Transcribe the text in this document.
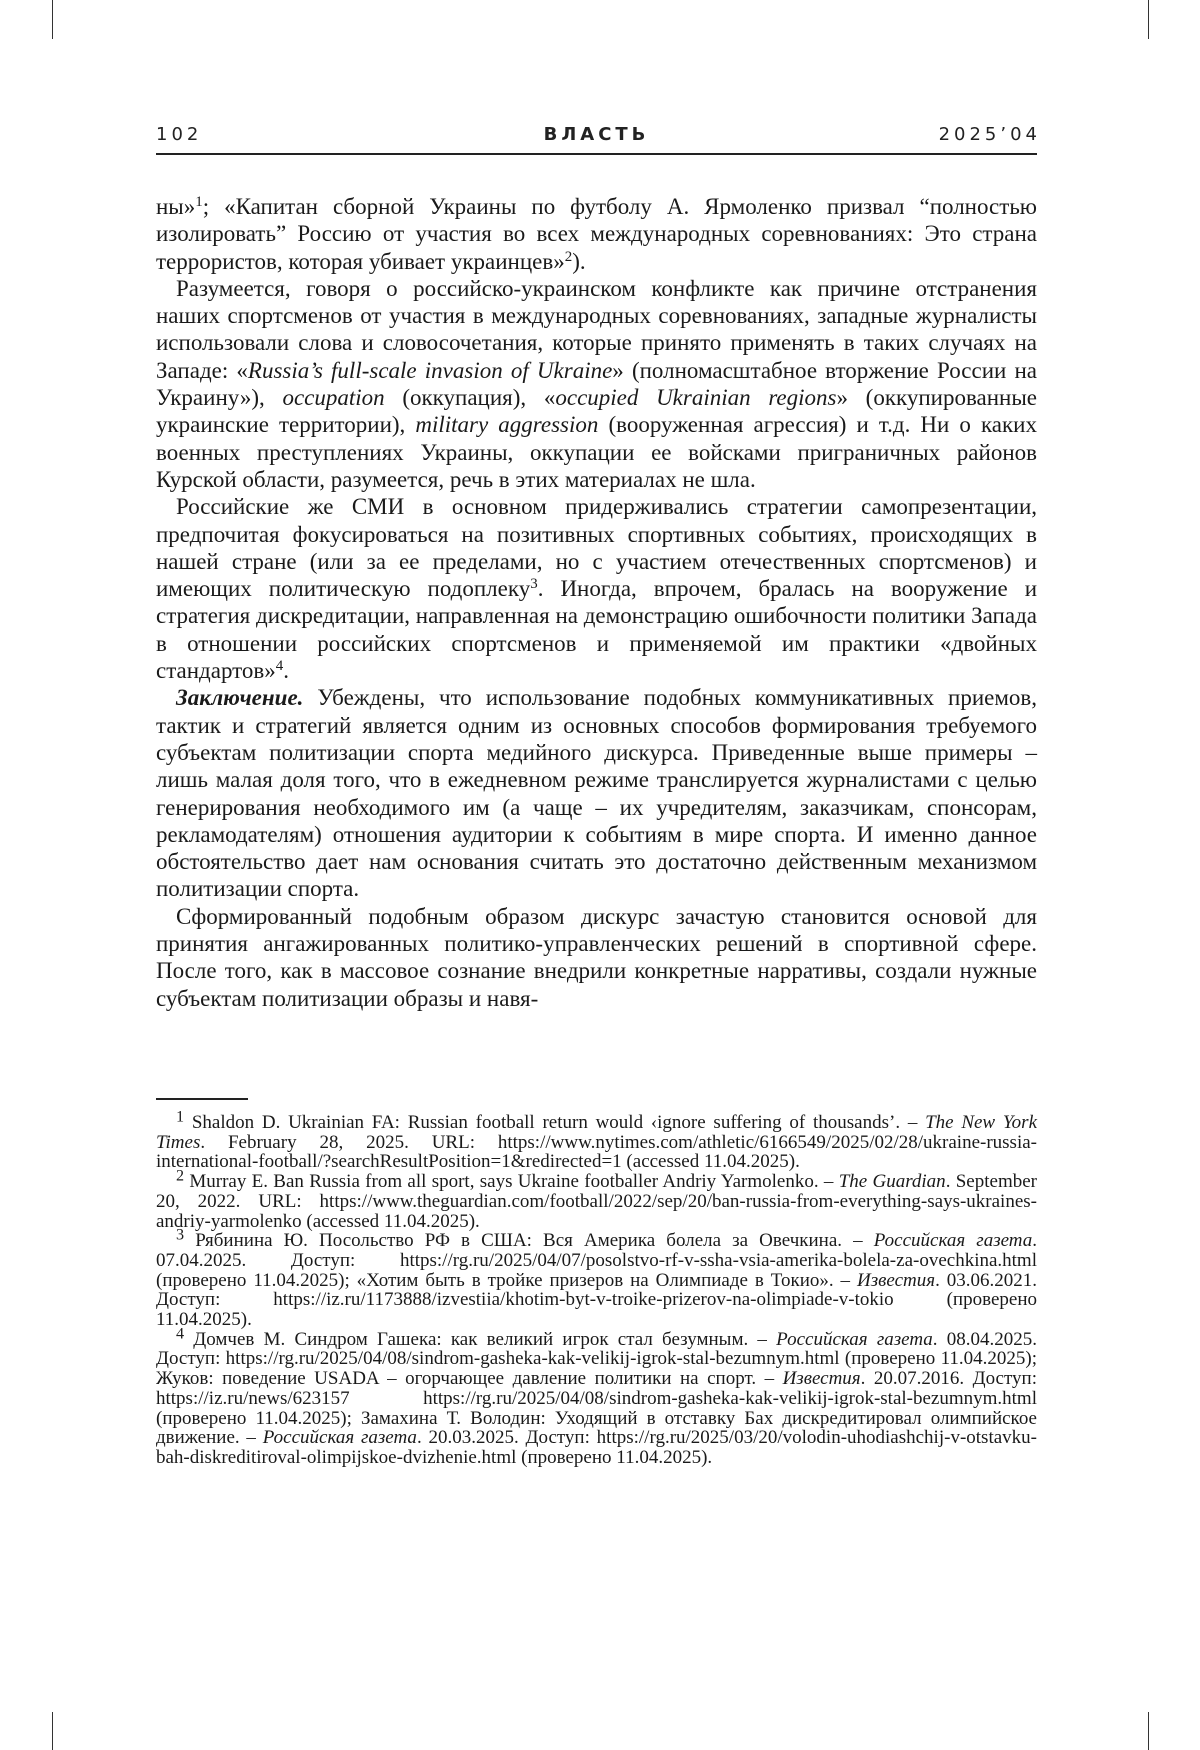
102	ВЛАСТЬ	2025’04

ны»$^1$; «Капитан сборной Украины по футболу А. Ярмоленко призвал “полностью изолировать” Россию от участия во всех международных соревнованиях: Это страна террористов, которая убивает украинцев»$^2$).

Разумеется, говоря о российско-украинском конфликте как причине отстранения наших спортсменов от участия в международных соревнованиях, западные журналисты использовали слова и словосочетания, которые принято применять в таких случаях на Западе: «Russia’s full-scale invasion of Ukraine» (полномасштабное вторжение России на Украину»), occupation (оккупация), «occupied Ukrainian regions» (оккупированные украинские территории), military aggression (вооруженная агрессия) и т.д. Ни о каких военных преступлениях Украины, оккупации ее войсками приграничных районов Курской области, разумеется, речь в этих материалах не шла.

Российские же СМИ в основном придерживались стратегии самопрезентации, предпочитая фокусироваться на позитивных спортивных событиях, происходящих в нашей стране (или за ее пределами, но с участием отечественных спортсменов) и имеющих политическую подоплеку$^3$. Иногда, впрочем, бралась на вооружение и стратегия дискредитации, направленная на демонстрацию ошибочности политики Запада в отношении российских спортсменов и применяемой им практики «двойных стандартов»$^4$.

Заключение. Убеждены, что использование подобных коммуникативных приемов, тактик и стратегий является одним из основных способов формирования требуемого субъектам политизации спорта медийного дискурса. Приведенные выше примеры – лишь малая доля того, что в ежедневном режиме транслируется журналистами с целью генерирования необходимого им (а чаще – их учредителям, заказчикам, спонсорам, рекламодателям) отношения аудитории к событиям в мире спорта. И именно данное обстоятельство дает нам основания считать это достаточно действенным механизмом политизации спорта.

Сформированный подобным образом дискурс зачастую становится основой для принятия ангажированных политико-управленческих решений в спортивной сфере. После того, как в массовое сознание внедрили конкретные нарративы, создали нужные субъектам политизации образы и навя-

$^1$ Shaldon D. Ukrainian FA: Russian football return would ‹ignore suffering of thousands’. – The New York Times. February 28, 2025. URL: https://www.nytimes.com/athletic/6166549/2025/02/28/ukraine-russia-international-football/?searchResultPosition=1&redirected=1 (accessed 11.04.2025).

$^2$ Murray E. Ban Russia from all sport, says Ukraine footballer Andriy Yarmolenko. – The Guardian. September 20, 2022. URL: https://www.theguardian.com/football/2022/sep/20/ban-russia-from-everything-says-ukraines-andriy-yarmolenko (accessed 11.04.2025).

$^3$ Рябинина Ю. Посольство РФ в США: Вся Америка болела за Овечкина. – Российская газета. 07.04.2025. Доступ: https://rg.ru/2025/04/07/posolstvo-rf-v-ssha-vsia-amerika-bolela-za-ovechkina.html (проверено 11.04.2025); «Хотим быть в тройке призеров на Олимпиаде в Токио». – Известия. 03.06.2021. Доступ: https://iz.ru/1173888/izvestiia/khotim-byt-v-troike-prizerov-na-olimpiade-v-tokio (проверено 11.04.2025).

$^4$ Домчев М. Синдром Гашека: как великий игрок стал безумным. – Российская газета. 08.04.2025. Доступ: https://rg.ru/2025/04/08/sindrom-gasheka-kak-velikij-igrok-stal-bezumnym.html (проверено 11.04.2025); Жуков: поведение USADA – огорчающее давление политики на спорт. – Известия. 20.07.2016. Доступ: https://iz.ru/news/623157 https://rg.ru/2025/04/08/sindrom-gasheka-kak-velikij-igrok-stal-bezumnym.html (проверено 11.04.2025); Замахина Т. Володин: Уходящий в отставку Бах дискредитировал олимпийское движение. – Российская газета. 20.03.2025. Доступ: https://rg.ru/2025/03/20/volodin-uhodiashchij-v-otstavku-bah-diskreditiroval-olimpijskoe-dvizhenie.html (проверено 11.04.2025).
